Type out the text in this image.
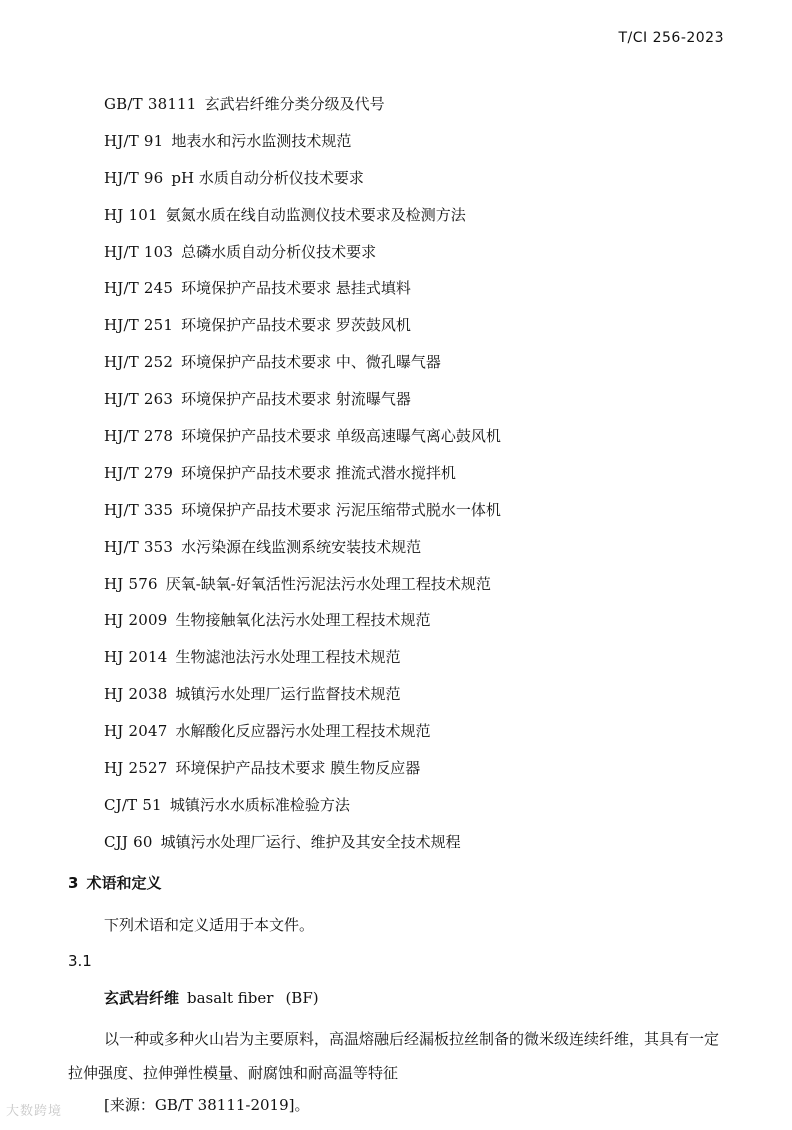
T/CI 256-2023
GB/T 38111 玄武岩纤维分类分级及代号
HJ/T 91 地表水和污水监测技术规范
HJ/T 96 pH 水质自动分析仪技术要求
HJ 101 氨氮水质在线自动监测仪技术要求及检测方法
HJ/T 103 总磷水质自动分析仪技术要求
HJ/T 245 环境保护产品技术要求 悬挂式填料
HJ/T 251 环境保护产品技术要求 罗茨鼓风机
HJ/T 252 环境保护产品技术要求 中、微孔曝气器
HJ/T 263 环境保护产品技术要求 射流曝气器
HJ/T 278 环境保护产品技术要求 单级高速曝气离心鼓风机
HJ/T 279 环境保护产品技术要求 推流式潜水搅拌机
HJ/T 335 环境保护产品技术要求 污泥压缩带式脱水一体机
HJ/T 353 水污染源在线监测系统安装技术规范
HJ 576 厌氧-缺氧-好氧活性污泥法污水处理工程技术规范
HJ 2009 生物接触氧化法污水处理工程技术规范
HJ 2014 生物滤池法污水处理工程技术规范
HJ 2038 城镇污水处理厂运行监督技术规范
HJ 2047 水解酸化反应器污水处理工程技术规范
HJ 2527 环境保护产品技术要求 膜生物反应器
CJ/T 51 城镇污水水质标准检验方法
CJJ 60 城镇污水处理厂运行、维护及其安全技术规程
3 术语和定义
下列术语和定义适用于本文件。
3.1
玄武岩纤维 basalt fiber (BF)

以一种或多种火山岩为主要原料，高温熔融后经漏板拉丝制备的微米级连续纤维，其具有一定拉伸强度、拉伸弹性模量、耐腐蚀和耐高温等特征

[来源：GB/T 38111-2019]。
大数跨境
